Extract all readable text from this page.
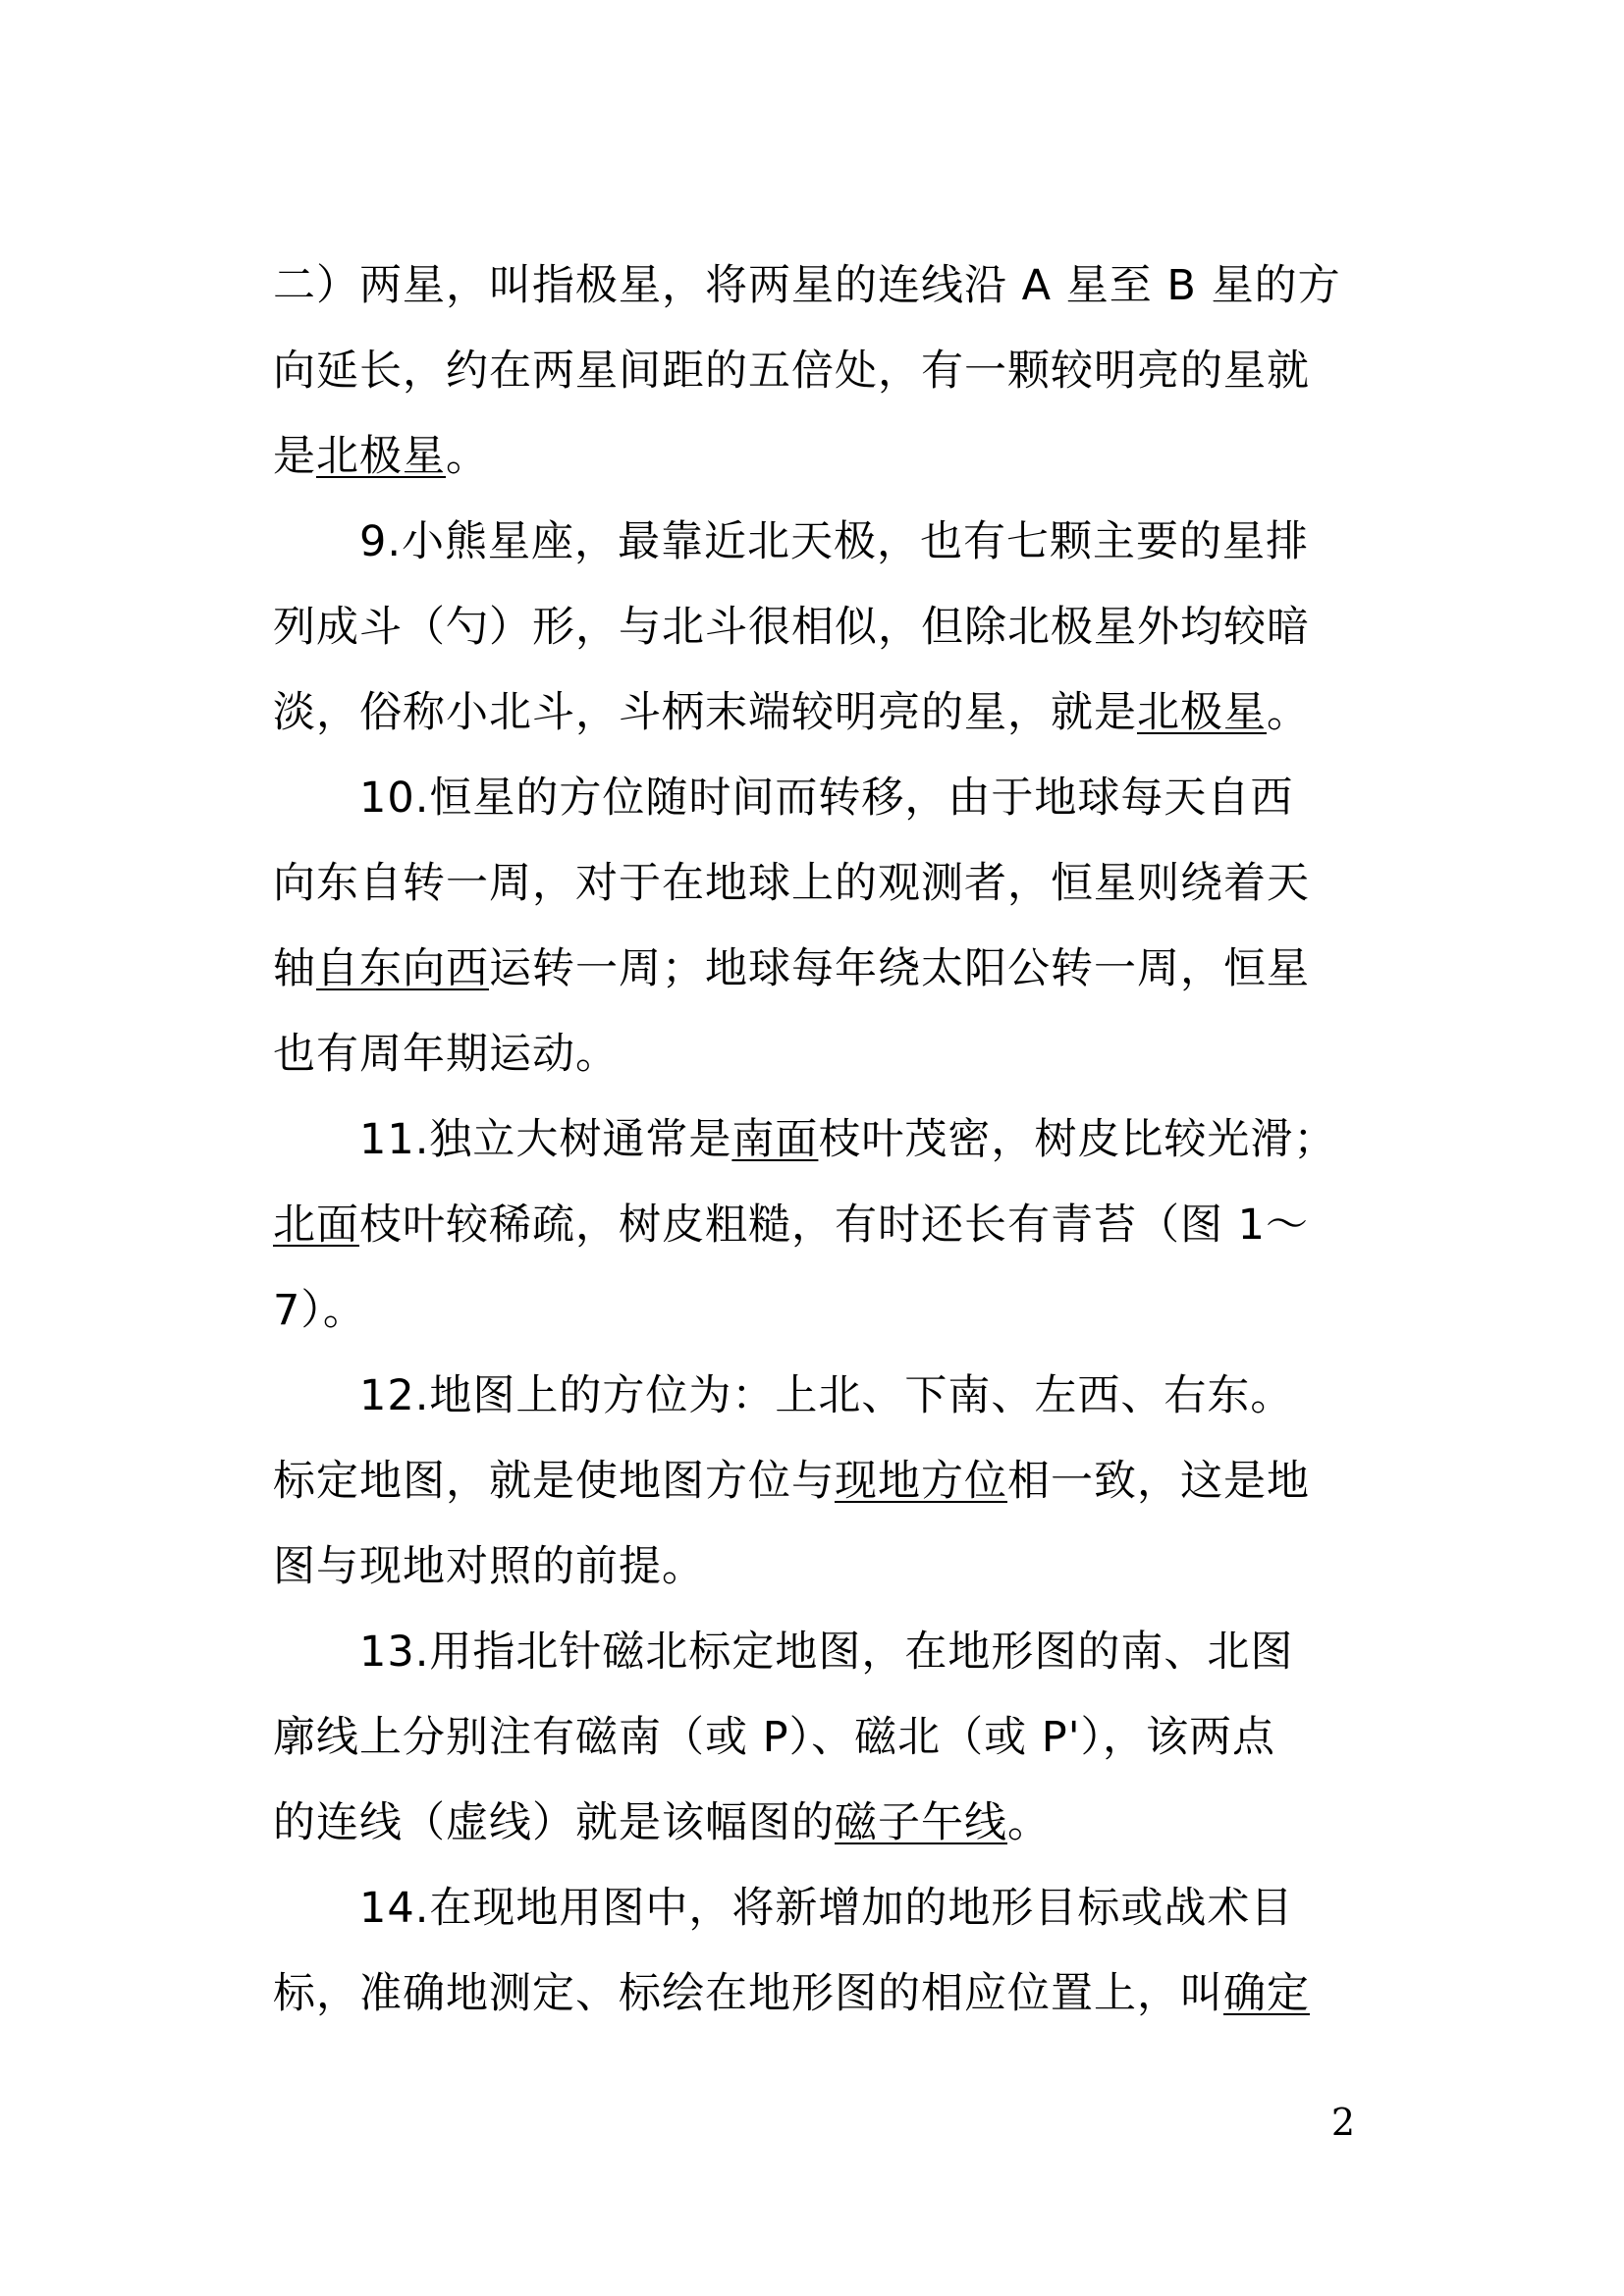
二）两星，叫指极星，将两星的连线沿 A 星至 B 星的方
向延长，约在两星间距的五倍处，有一颗较明亮的星就
是北极星。
9.小熊星座，最靠近北天极，也有七颗主要的星排
列成斗（勺）形，与北斗很相似，但除北极星外均较暗
淡，俗称小北斗，斗柄末端较明亮的星，就是北极星。
10.恒星的方位随时间而转移，由于地球每天自西
向东自转一周，对于在地球上的观测者，恒星则绕着天
轴自东向西运转一周；地球每年绕太阳公转一周，恒星
也有周年期运动。
11.独立大树通常是南面枝叶茂密，树皮比较光滑；
北面枝叶较稀疏，树皮粗糙，有时还长有青苔（图 1～
7）。
12.地图上的方位为：上北、下南、左西、右东。
标定地图，就是使地图方位与现地方位相一致，这是地
图与现地对照的前提。
13.用指北针磁北标定地图，在地形图的南、北图
廓线上分别注有磁南（或 P）、磁北（或 P'），该两点
的连线（虚线）就是该幅图的磁子午线。
14.在现地用图中，将新增加的地形目标或战术目
标，准确地测定、标绘在地形图的相应位置上，叫确定
2
